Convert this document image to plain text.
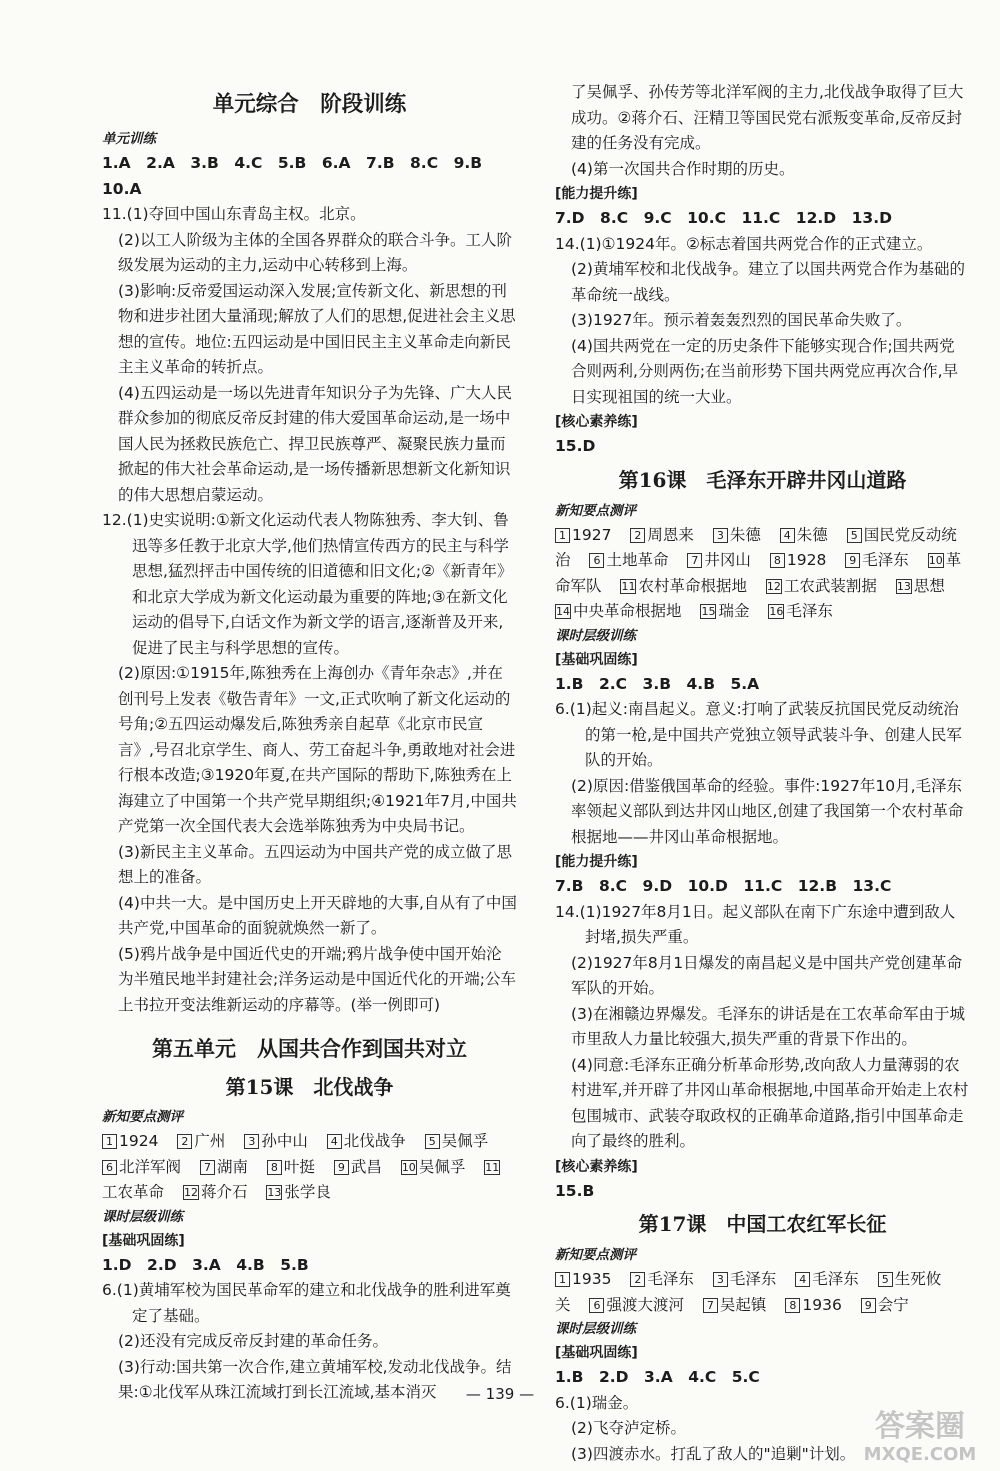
单元综合　阶段训练

单元训练

1.A　2.A　3.B　4.C　5.B　6.A　7.B　8.C　9.B

10.A

11.(1)夺回中国山东青岛主权。北京。

(2)以工人阶级为主体的全国各界群众的联合斗争。工人阶级发展为运动的主力,运动中心转移到上海。

(3)影响:反帝爱国运动深入发展;宣传新文化、新思想的刊物和进步社团大量涌现;解放了人们的思想,促进社会主义思想的宣传。地位:五四运动是中国旧民主主义革命走向新民主主义革命的转折点。

(4)五四运动是一场以先进青年知识分子为先锋、广大人民群众参加的彻底反帝反封建的伟大爱国革命运动,是一场中国人民为拯救民族危亡、捍卫民族尊严、凝聚民族力量而掀起的伟大社会革命运动,是一场传播新思想新文化新知识的伟大思想启蒙运动。

12.(1)史实说明:①新文化运动代表人物陈独秀、李大钊、鲁迅等多任教于北京大学,他们热情宣传西方的民主与科学思想,猛烈抨击中国传统的旧道德和旧文化;②《新青年》和北京大学成为新文化运动最为重要的阵地;③在新文化运动的倡导下,白话文作为新文学的语言,逐渐普及开来,促进了民主与科学思想的宣传。

(2)原因:①1915年,陈独秀在上海创办《青年杂志》,并在创刊号上发表《敬告青年》一文,正式吹响了新文化运动的号角;②五四运动爆发后,陈独秀亲自起草《北京市民宣言》,号召北京学生、商人、劳工奋起斗争,勇敢地对社会进行根本改造;③1920年夏,在共产国际的帮助下,陈独秀在上海建立了中国第一个共产党早期组织;④1921年7月,中国共产党第一次全国代表大会选举陈独秀为中央局书记。

(3)新民主主义革命。五四运动为中国共产党的成立做了思想上的准备。

(4)中共一大。是中国历史上开天辟地的大事,自从有了中国共产党,中国革命的面貌就焕然一新了。

(5)鸦片战争是中国近代史的开端;鸦片战争使中国开始沦为半殖民地半封建社会;洋务运动是中国近代化的开端;公车上书拉开变法维新运动的序幕等。(举一例即可)

第五单元　从国共合作到国共对立
第15课　北伐战争

新知要点测评

1 1924 2 广州 3 孙中山 4 北伐战争 5 吴佩孚 6 北洋军阀 7 湖南 8 叶挺 9 武昌 10 吴佩孚 11工农革命 12 蒋介石 13 张学良

课时层级训练

[基础巩固练]

1.D　2.D　3.A　4.B　5.B

6.(1)黄埔军校为国民革命军的建立和北伐战争的胜利进军奠定了基础。

(2)还没有完成反帝反封建的革命任务。

(3)行动:国共第一次合作,建立黄埔军校,发动北伐战争。结果:①北伐军从珠江流域打到长江流域,基本消灭

了吴佩孚、孙传芳等北洋军阀的主力,北伐战争取得了巨大成功。②蒋介石、汪精卫等国民党右派叛变革命,反帝反封建的任务没有完成。

(4)第一次国共合作时期的历史。

[能力提升练]

7.D　8.C　9.C　10.C　11.C　12.D　13.D

14.(1)①1924年。②标志着国共两党合作的正式建立。

(2)黄埔军校和北伐战争。建立了以国共两党合作为基础的革命统一战线。

(3)1927年。预示着轰轰烈烈的国民革命失败了。

(4)国共两党在一定的历史条件下能够实现合作;国共两党合则两利,分则两伤;在当前形势下国共两党应再次合作,早日实现祖国的统一大业。

[核心素养练]

15.D

第16课　毛泽东开辟井冈山道路

新知要点测评

1 1927 2 周恩来 3 朱德 4 朱德 5 国民党反动统治 6 土地革命 7 井冈山 8 1928 9 毛泽东 10 革命军队 11 农村革命根据地 12 工农武装割据 13 思想 14 中央革命根据地 15 瑞金 16 毛泽东

课时层级训练

[基础巩固练]

1.B　2.C　3.B　4.B　5.A

6.(1)起义:南昌起义。意义:打响了武装反抗国民党反动统治的第一枪,是中国共产党独立领导武装斗争、创建人民军队的开始。

(2)原因:借鉴俄国革命的经验。事件:1927年10月,毛泽东率领起义部队到达井冈山地区,创建了我国第一个农村革命根据地——井冈山革命根据地。

[能力提升练]

7.B　8.C　9.D　10.D　11.C　12.B　13.C

14.(1)1927年8月1日。起义部队在南下广东途中遭到敌人封堵,损失严重。

(2)1927年8月1日爆发的南昌起义是中国共产党创建革命军队的开始。

(3)在湘赣边界爆发。毛泽东的讲话是在工农革命军由于城市里敌人力量比较强大,损失严重的背景下作出的。

(4)同意:毛泽东正确分析革命形势,改向敌人力量薄弱的农村进军,并开辟了井冈山革命根据地,中国革命开始走上农村包围城市、武装夺取政权的正确革命道路,指引中国革命走向了最终的胜利。

[核心素养练]

15.B

第17课　中国工农红军长征

新知要点测评

1 1935 2 毛泽东 3 毛泽东 4 毛泽东 5 生死攸关 6 强渡大渡河 7 吴起镇 8 1936 9 会宁

课时层级训练

[基础巩固练]

1.B　2.D　3.A　4.C　5.C

6.(1)瑞金。

(2)飞夺泸定桥。

(3)四渡赤水。打乱了敌人的"追剿"计划。

— 139 —
答案圈
MXQE.COM
